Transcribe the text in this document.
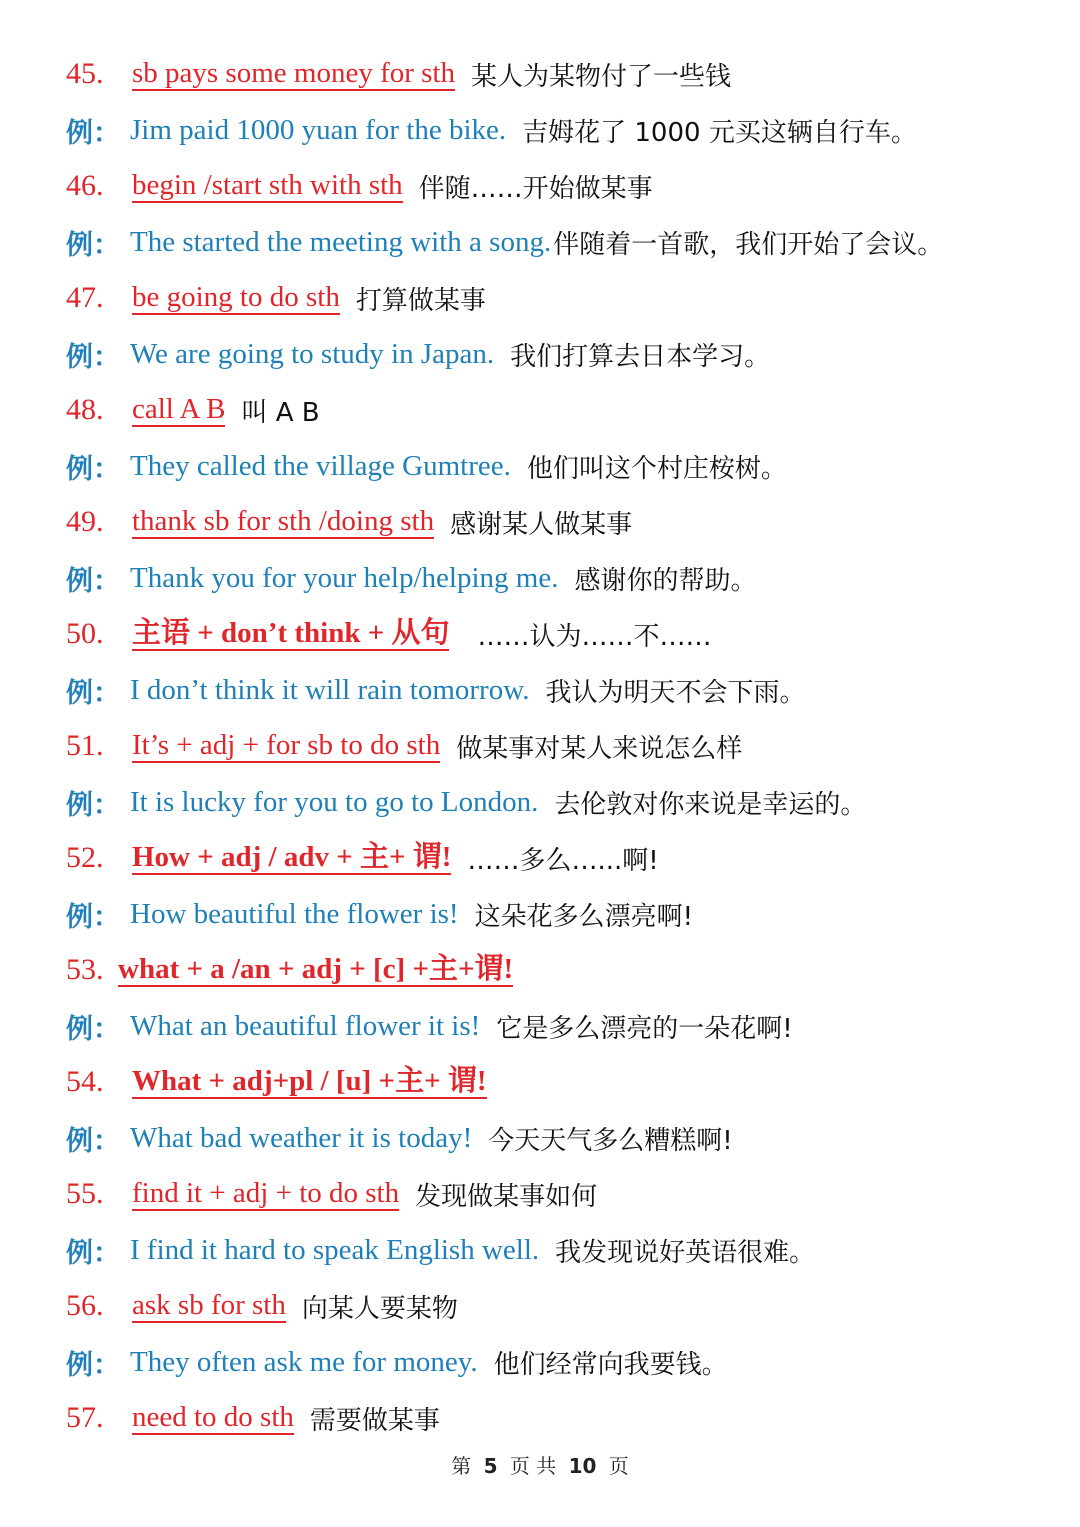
45. sb pays some money for sth 某人为某物付了一些钱
例： Jim paid 1000 yuan for the bike. 吉姆花了 1000 元买这辆自行车。
46. begin /start sth with sth 伴随……开始做某事
例： The started the meeting with a song. 伴随着一首歌，我们开始了会议。
47. be going to do sth 打算做某事
例： We are going to study in Japan. 我们打算去日本学习。
48. call A B 叫 A B
例： They called the village Gumtree. 他们叫这个村庄桉树。
49. thank sb for sth /doing sth 感谢某人做某事
例： Thank you for your help/helping me. 感谢你的帮助。
50. 主语 + don’t think + 从句 ……认为……不……
例： I don’t think it will rain tomorrow. 我认为明天不会下雨。
51. It’s + adj + for sb to do sth 做某事对某人来说怎么样
例： It is lucky for you to go to London. 去伦敦对你来说是幸运的。
52. How + adj / adv + 主+ 谓! ……多么…...啊!
例： How beautiful the flower is! 这朵花多么漂亮啊!
53. what + a /an + adj + [c] +主+谓!
例： What an beautiful flower it is! 它是多么漂亮的一朵花啊!
54. What + adj+pl / [u] +主+ 谓!
例： What bad weather it is today! 今天天气多么糟糕啊!
55. find it + adj + to do sth 发现做某事如何
例： I find it hard to speak English well. 我发现说好英语很难。
56. ask sb for sth 向某人要某物
例： They often ask me for money. 他们经常向我要钱。
57. need to do sth 需要做某事
第 5 页 共 10 页
